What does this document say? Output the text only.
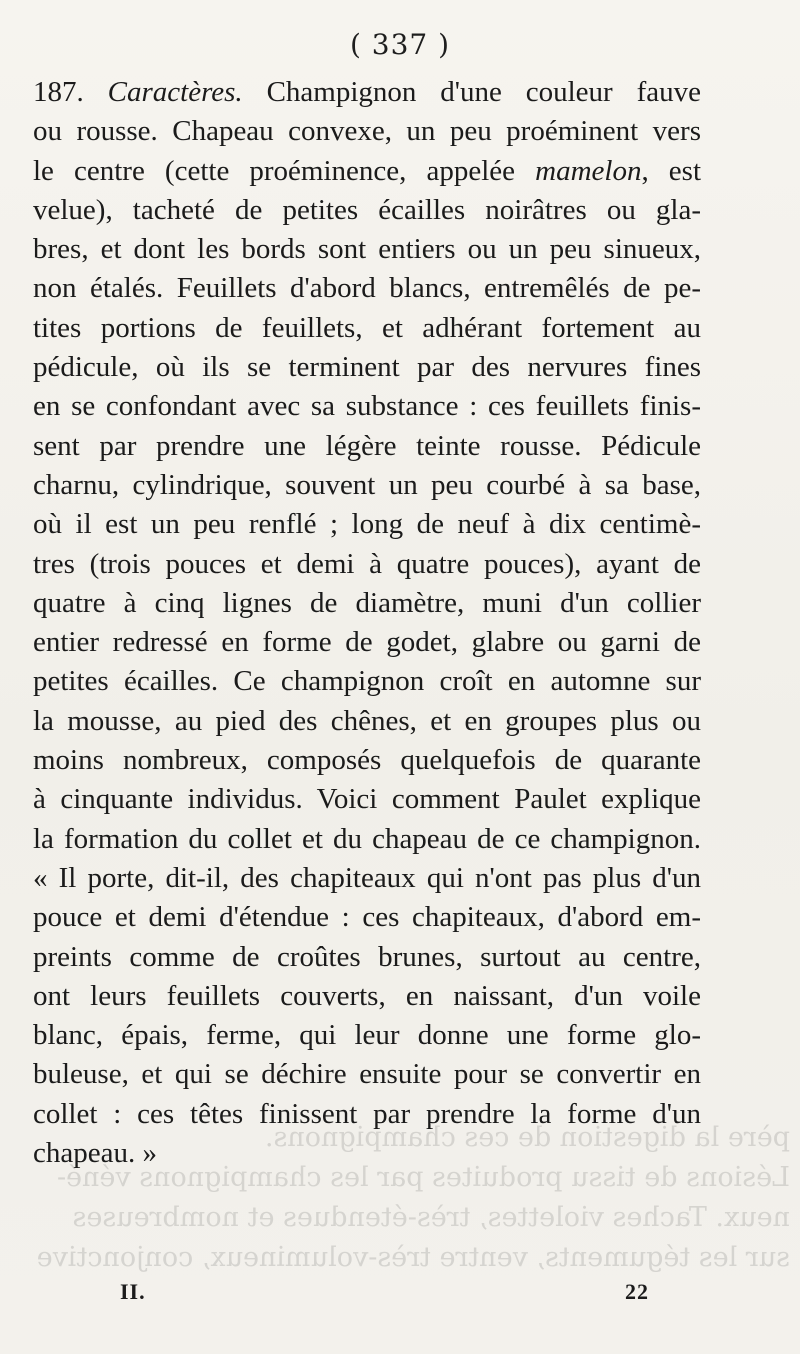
père la digestion de ces champignons.
Lésions de tissu produites par les champignons véné-
neux. Taches violettes, très-étendues et nombreuses
sur les téguments, ventre très-volumineux, conjonctive
( 337 )
187. Caractères. Champignon d'une couleur fauve
ou rousse. Chapeau convexe, un peu proéminent vers
le centre (cette proéminence, appelée mamelon, est
velue), tacheté de petites écailles noirâtres ou gla-
bres, et dont les bords sont entiers ou un peu sinueux,
non étalés. Feuillets d'abord blancs, entremêlés de pe-
tites portions de feuillets, et adhérant fortement au
pédicule, où ils se terminent par des nervures fines
en se confondant avec sa substance : ces feuillets finis-
sent par prendre une légère teinte rousse. Pédicule
charnu, cylindrique, souvent un peu courbé à sa base,
où il est un peu renflé ; long de neuf à dix centimè-
tres (trois pouces et demi à quatre pouces), ayant de
quatre à cinq lignes de diamètre, muni d'un collier
entier redressé en forme de godet, glabre ou garni de
petites écailles. Ce champignon croît en automne sur
la mousse, au pied des chênes, et en groupes plus ou
moins nombreux, composés quelquefois de quarante
à cinquante individus. Voici comment Paulet explique
la formation du collet et du chapeau de ce champignon.
« Il porte, dit-il, des chapiteaux qui n'ont pas plus d'un
pouce et demi d'étendue : ces chapiteaux, d'abord em-
preints comme de croûtes brunes, surtout au centre,
ont leurs feuillets couverts, en naissant, d'un voile
blanc, épais, ferme, qui leur donne une forme glo-
buleuse, et qui se déchire ensuite pour se convertir en
collet : ces têtes finissent par prendre la forme d'un
chapeau. »
II.	22
